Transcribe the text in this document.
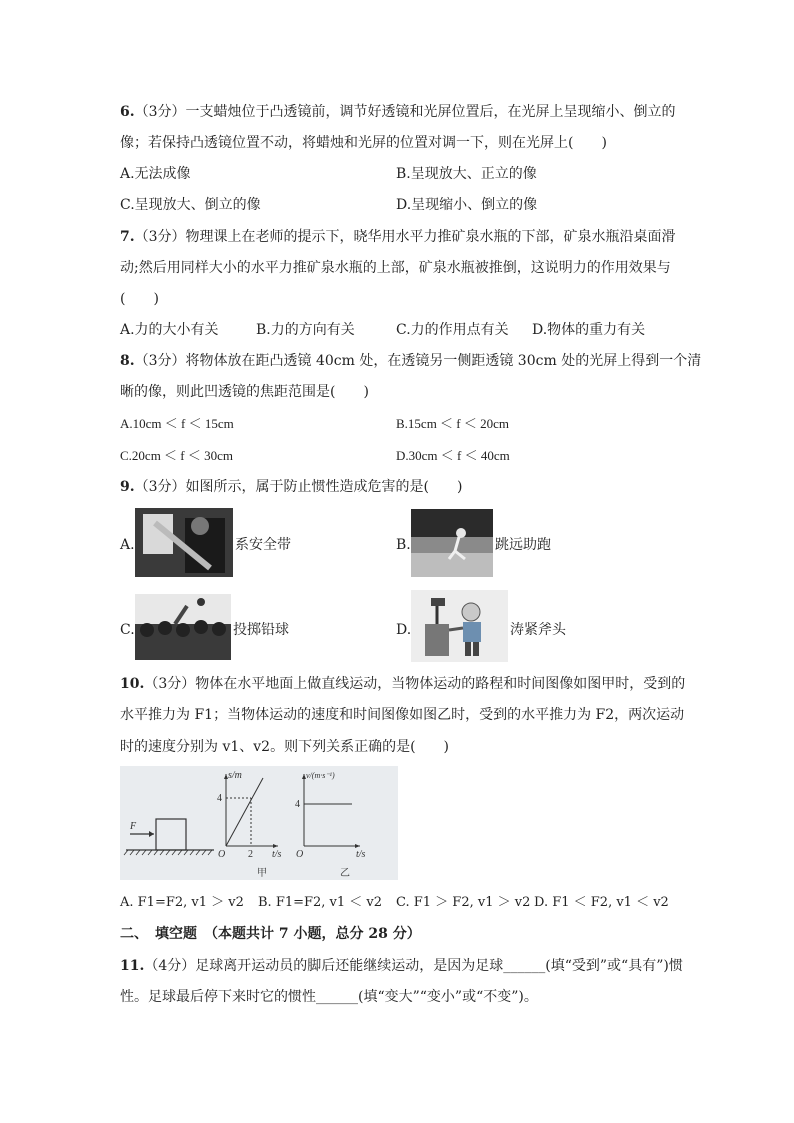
6.（3分）一支蜡烛位于凸透镜前，调节好透镜和光屏位置后，在光屏上呈现缩小、倒立的
像；若保持凸透镜位置不动，将蜡烛和光屏的位置对调一下，则在光屏上(　　)
A.无法成像	B.呈现放大、正立的像
C.呈现放大、倒立的像	D.呈现缩小、倒立的像
7.（3分）物理课上在老师的提示下，晓华用水平力推矿泉水瓶的下部，矿泉水瓶沿桌面滑
动;然后用同样大小的水平力推矿泉水瓶的上部，矿泉水瓶被推倒，这说明力的作用效果与
(　　)
A.力的大小有关	B.力的方向有关	C.力的作用点有关 D.物体的重力有关
8.（3分）将物体放在距凸透镜 40cm 处，在透镜另一侧距透镜 30cm 处的光屏上得到一个清
晰的像，则此凹透镜的焦距范围是(　　)
A.10cm ＜ f ＜ 15cm	B.15cm ＜ f ＜ 20cm
C.20cm ＜ f ＜ 30cm	D.30cm ＜ f ＜ 40cm
9.（3分）如图所示，属于防止惯性造成危害的是(　　)
A.	系安全带	B.	跳远助跑
C.	投掷铅球	D.	涛紧斧头
10.（3分）物体在水平地面上做直线运动，当物体运动的路程和时间图像如图甲时，受到的
水平推力为 F1；当物体运动的速度和时间图像如图乙时，受到的水平推力为 F2，两次运动
时的速度分别为 v1、v2。则下列关系正确的是(　　)
F
s/m
4
2
O	t/s
甲
v/(m·s⁻¹)
4
O	t/s
乙
A. F1=F2, v1 ＞ v2 B. F1=F2, v1 ＜ v2 C. F1 ＞ F2, v1 ＞ v2 D. F1 ＜ F2, v1 ＜ v2
二、　填空题　（本题共计 7 小题，总分 28 分）
11.（4分）足球离开运动员的脚后还能继续运动，是因为足球______(填“受到”或“具有”)惯
性。足球最后停下来时它的惯性______(填“变大”“变小”或“不变”)。
